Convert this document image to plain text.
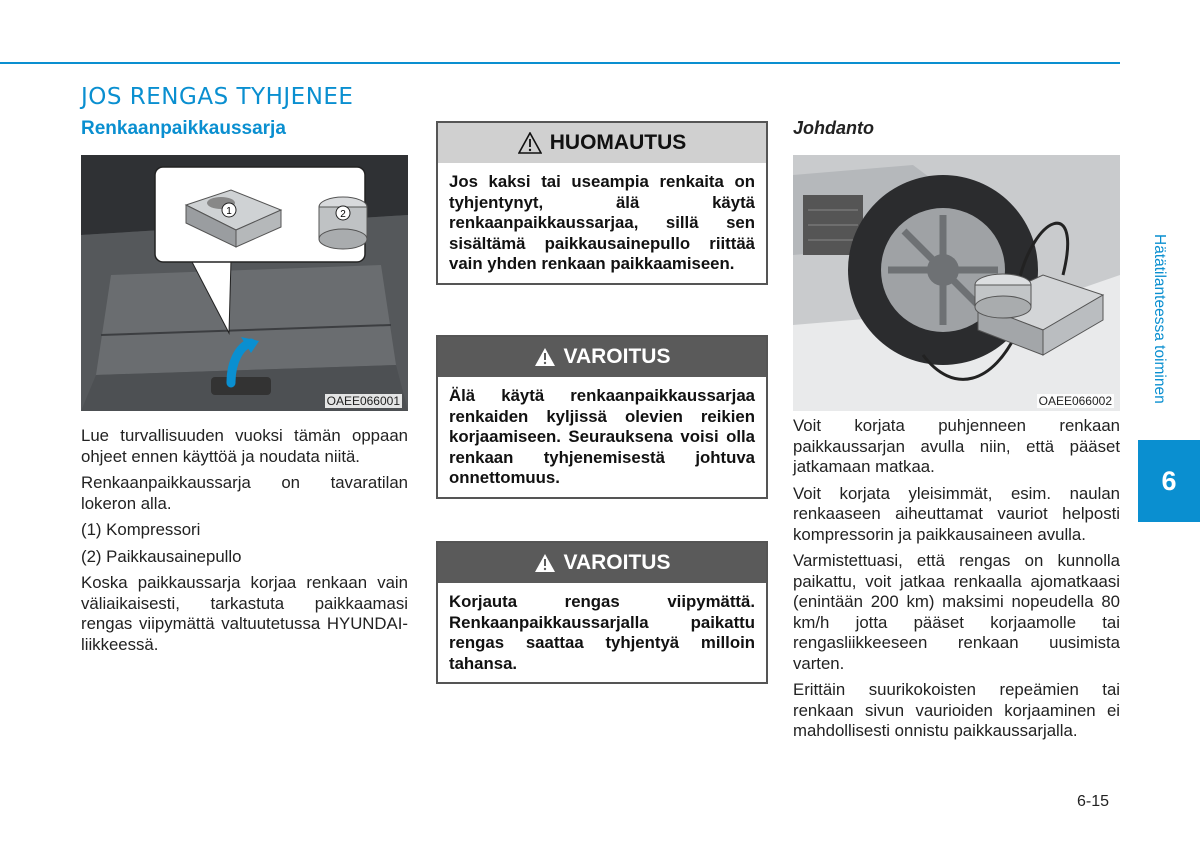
JOS RENGAS TYHJENEE
Renkaanpaikkaussarja
1	2
OAEE066001

Lue turvallisuuden vuoksi tämän oppaan ohjeet ennen käyttöä ja noudata niitä.

Renkaanpaikkaussarja on tavaratilan lokeron alla.

(1) Kompressori

(2) Paikkausainepullo

Koska paikkaussarja korjaa renkaan vain väliaikaisesti, tarkastuta paikkaamasi rengas viipymättä valtuutetussa HYUNDAI-liikkeessä.

HUOMAUTUS
Jos kaksi tai useampia renkaita on tyhjentynyt, älä käytä renkaanpaikkaussarjaa, sillä sen sisältämä paikkausainepullo riittää vain yhden renkaan paikkaamiseen.
VAROITUS
Älä käytä renkaanpaikkaussarjaa renkaiden kyljissä olevien reikien korjaamiseen. Seurauksena voisi olla renkaan tyhjenemisestä johtuva onnettomuus.
VAROITUS
Korjauta rengas viipymättä. Renkaanpaikkaussarjalla paikattu rengas saattaa tyhjentyä milloin tahansa.
Johdanto
OAEE066002

Voit korjata puhjenneen renkaan paikkaussarjan avulla niin, että pääset jatkamaan matkaa.

Voit korjata yleisimmät, esim. naulan renkaaseen aiheuttamat vauriot helposti kompressorin ja paikkausaineen avulla.

Varmistettuasi, että rengas on kunnolla paikattu, voit jatkaa renkaalla ajomatkaasi (enintään 200 km) maksimi nopeudella 80 km/h jotta pääset korjaamolle tai rengasliikkeeseen renkaan uusimista varten.

Erittäin suurikokoisten repeämien tai renkaan sivun vaurioiden korjaaminen ei mahdollisesti onnistu paikkaussarjalla.

Hätätilanteessa toiminen
6
6-15
